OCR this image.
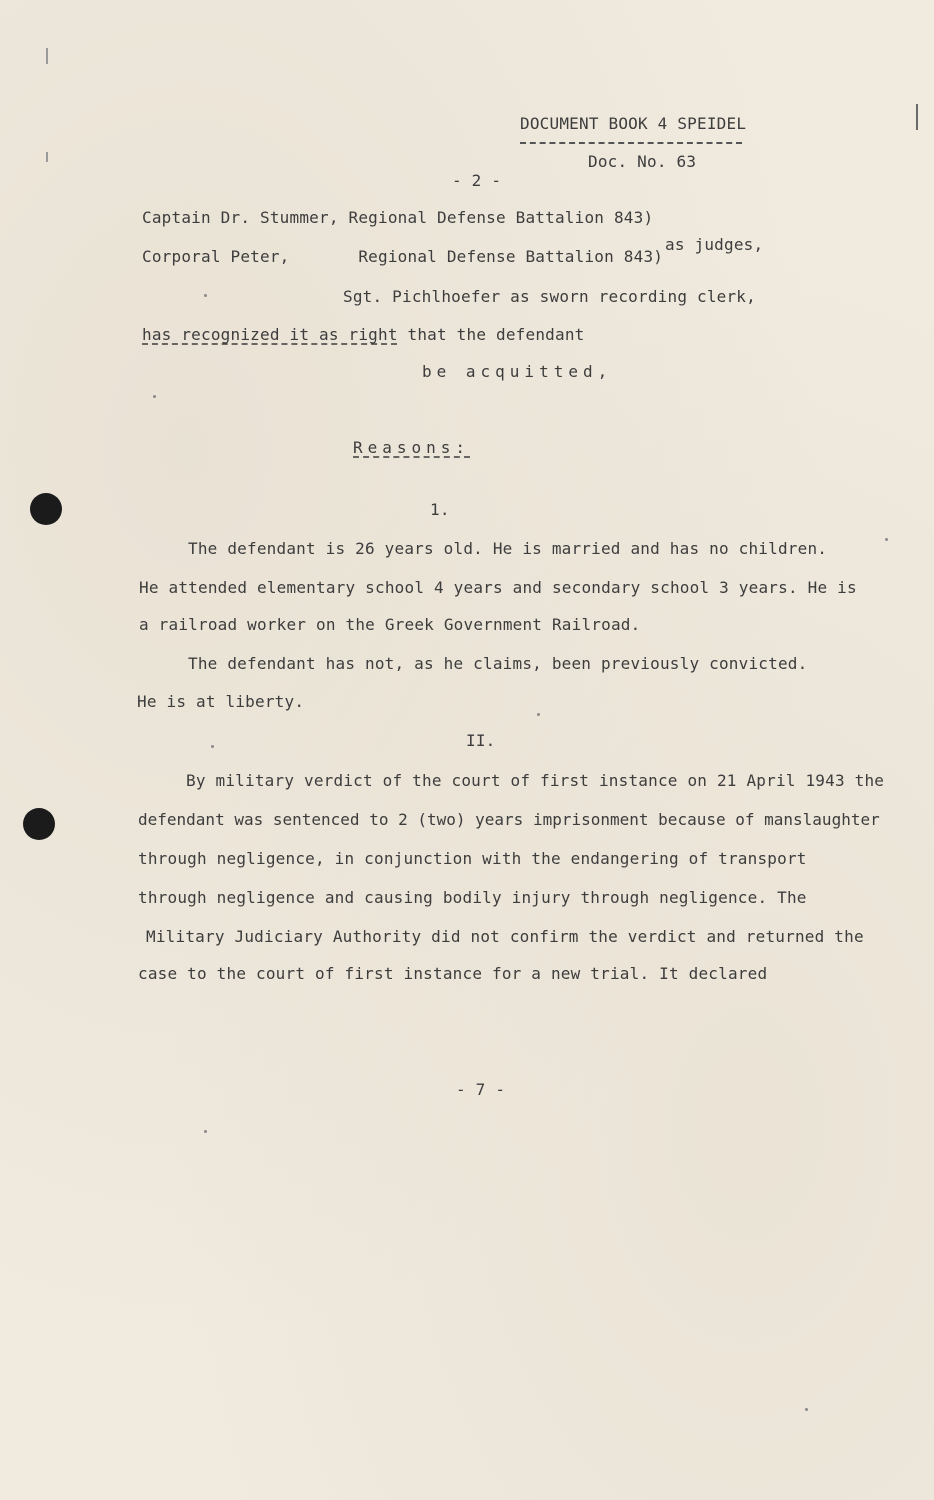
DOCUMENT BOOK 4 SPEIDEL
Doc. No. 63
- 2 -
Captain Dr. Stummer, Regional Defense Battalion 843)
Corporal Peter,       Regional Defense Battalion 843)
as judges,
Sgt. Pichlhoefer as sworn recording clerk,
has recognized it as right that the defendant
be acquitted,
Reasons:
1.
The defendant is 26 years old. He is married and has no children.
He attended elementary school 4 years and secondary school 3 years. He is
a railroad worker on the Greek Government Railroad.
The defendant has not, as he claims, been previously convicted.
He is at liberty.
II.
By military verdict of the court of first instance on 21 April 1943 the
defendant was sentenced to 2 (two) years imprisonment because of manslaughter
through negligence, in conjunction with the endangering of transport
through negligence and causing bodily injury through negligence. The
Military Judiciary Authority did not confirm the verdict and returned the
case to the court of first instance for a new trial. It declared
- 7 -
